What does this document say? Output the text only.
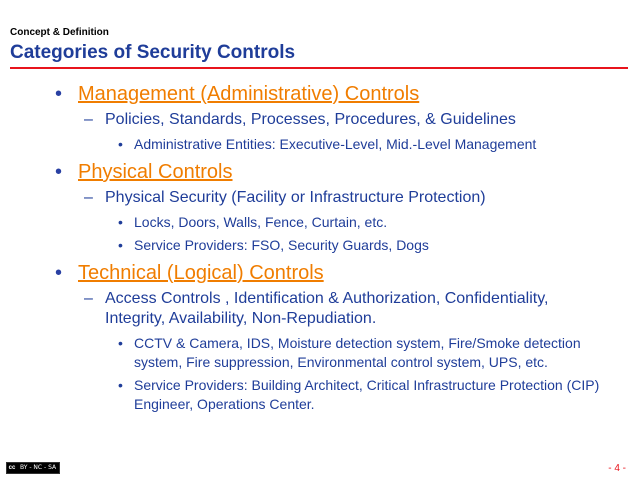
Concept & Definition
Categories of Security Controls
• Management (Administrative) Controls
– Policies, Standards, Processes, Procedures, & Guidelines
• Administrative Entities: Executive-Level, Mid.-Level Management
• Physical Controls
– Physical Security (Facility or Infrastructure Protection)
• Locks, Doors, Walls, Fence, Curtain, etc.
• Service Providers: FSO, Security Guards, Dogs
• Technical (Logical) Controls
– Access Controls , Identification & Authorization, Confidentiality, Integrity, Availability, Non-Repudiation.
• CCTV & Camera, IDS, Moisture detection system, Fire/Smoke detection system, Fire suppression, Environmental control system, UPS, etc.
• Service Providers: Building Architect, Critical Infrastructure Protection (CIP) Engineer, Operations Center.
cc BY - NC - SA	- 4 -
